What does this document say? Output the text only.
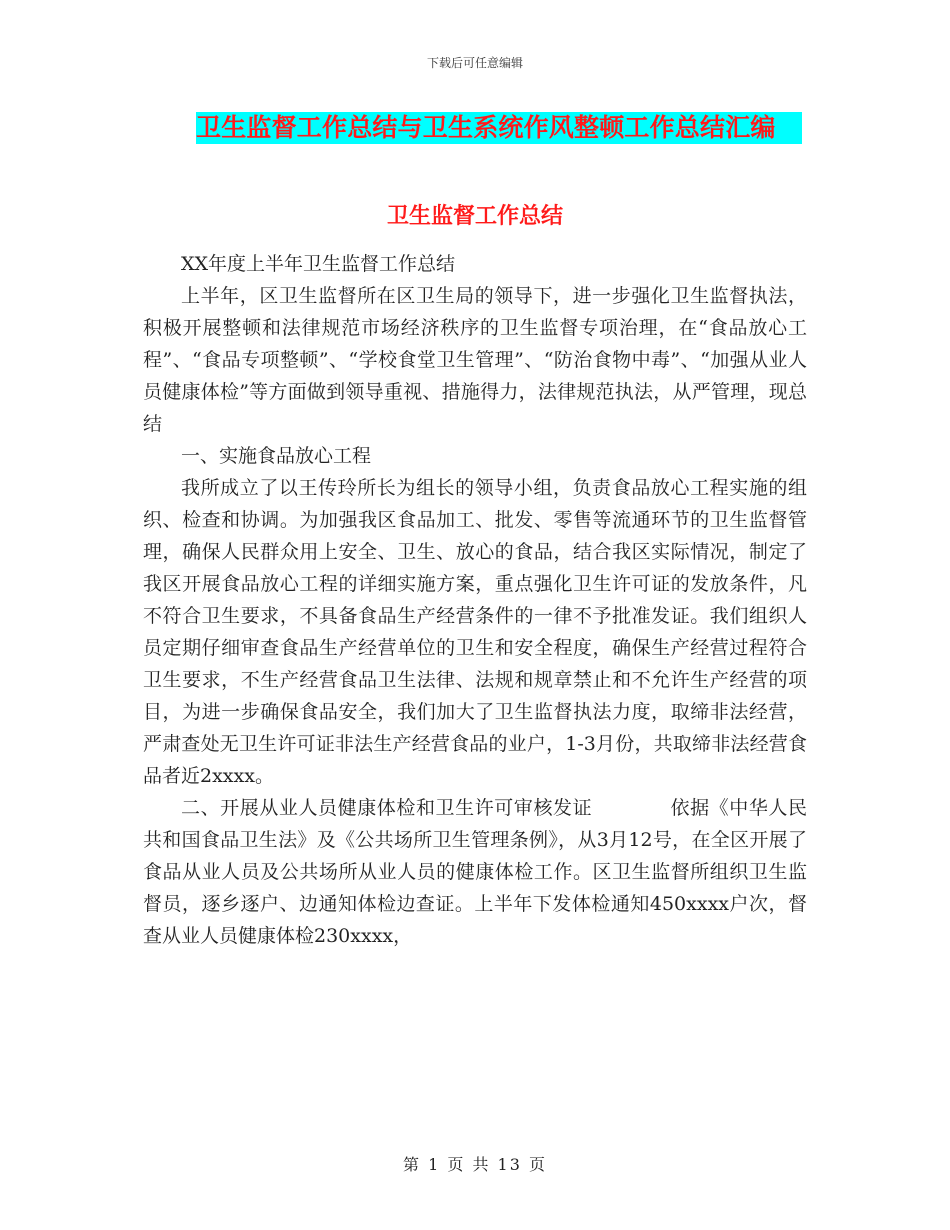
下载后可任意编辑
卫生监督工作总结与卫生系统作风整顿工作总结汇编
卫生监督工作总结

XX年度上半年卫生监督工作总结

上半年，区卫生监督所在区卫生局的领导下，进一步强化卫生监督执法，积极开展整顿和法律规范市场经济秩序的卫生监督专项治理，在“食品放心工程”、“食品专项整顿”、“学校食堂卫生管理”、“防治食物中毒”、“加强从业人员健康体检”等方面做到领导重视、措施得力，法律规范执法，从严管理，现总结

一、实施食品放心工程

我所成立了以王传玲所长为组长的领导小组，负责食品放心工程实施的组织、检查和协调。为加强我区食品加工、批发、零售等流通环节的卫生监督管理，确保人民群众用上安全、卫生、放心的食品，结合我区实际情况，制定了我区开展食品放心工程的详细实施方案，重点强化卫生许可证的发放条件，凡不符合卫生要求，不具备食品生产经营条件的一律不予批准发证。我们组织人员定期仔细审查食品生产经营单位的卫生和安全程度，确保生产经营过程符合卫生要求，不生产经营食品卫生法律、法规和规章禁止和不允许生产经营的项目，为进一步确保食品安全，我们加大了卫生监督执法力度，取缔非法经营，严肃查处无卫生许可证非法生产经营食品的业户，1-3月份，共取缔非法经营食品者近2xxxx。

二、开展从业人员健康体检和卫生许可审核发证　　　　依据《中华人民共和国食品卫生法》及《公共场所卫生管理条例》，从3月12号，在全区开展了食品从业人员及公共场所从业人员的健康体检工作。区卫生监督所组织卫生监督员，逐乡逐户、边通知体检边查证。上半年下发体检通知450xxxx户次，督查从业人员健康体检230xxxx，

第 1 页 共 13 页
